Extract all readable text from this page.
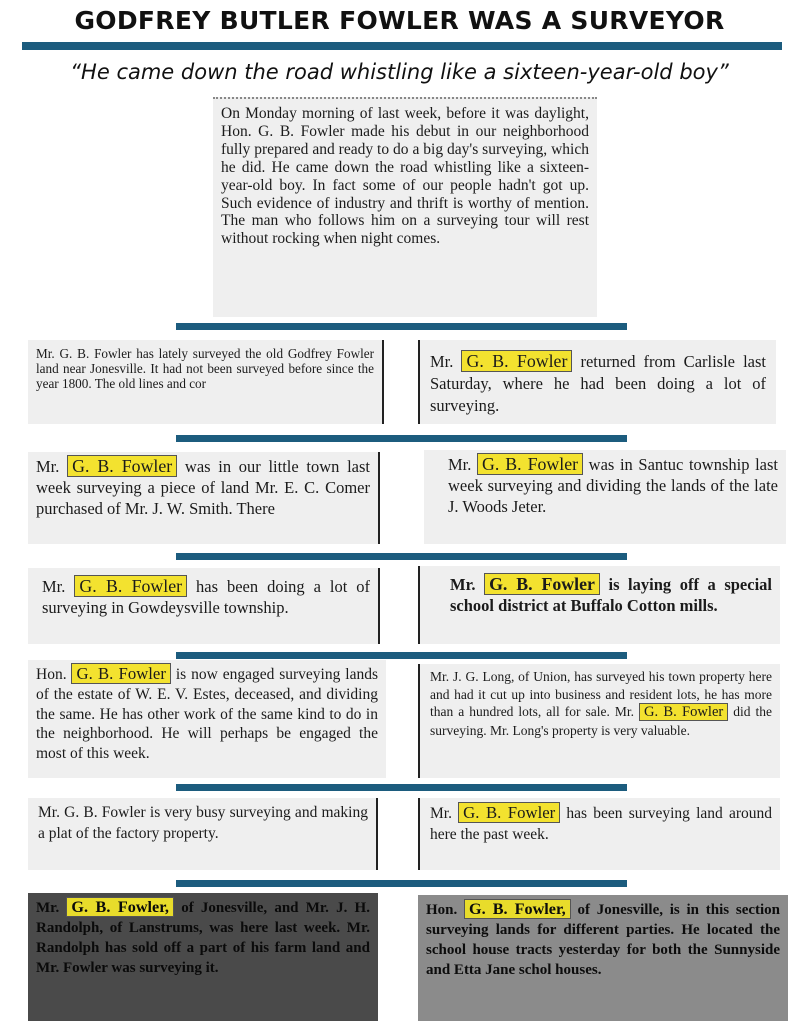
GODFREY BUTLER FOWLER WAS A SURVEYOR
“He came down the road whistling like a sixteen-year-old boy”

On Monday morning of last week, before it was daylight, Hon. G. B. Fowler made his debut in our neighborhood fully prepared and ready to do a big day's surveying, which he did. He came down the road whistling like a sixteen-year-old boy. In fact some of our people hadn't got up. Such evidence of industry and thrift is worthy of mention. The man who follows him on a surveying tour will rest without rocking when night comes.

Mr. G. B. Fowler has lately surveyed the old Godfrey Fowler land near Jonesville. It had not been surveyed before since the year 1800. The old lines and cor

Mr. G. B. Fowler returned from Carlisle last Saturday, where he had been doing a lot of surveying.

Mr. G. B. Fowler was in our little town last week surveying a piece of land Mr. E. C. Comer purchased of Mr. J. W. Smith. There

Mr. G. B. Fowler was in Santuc township last week surveying and dividing the lands of the late J. Woods Jeter.

Mr. G. B. Fowler has been doing a lot of surveying in Gowdeysville township.

Mr. G. B. Fowler is laying off a special school district at Buffalo Cotton mills.

Hon. G. B. Fowler is now engaged surveying lands of the estate of W. E. V. Estes, deceased, and dividing the same. He has other work of the same kind to do in the neighborhood. He will perhaps be engaged the most of this week.

Mr. J. G. Long, of Union, has surveyed his town property here and had it cut up into business and resident lots, he has more than a hundred lots, all for sale. Mr. G. B. Fowler did the surveying. Mr. Long's property is very valuable.

Mr. G. B. Fowler is very busy surveying and making a plat of the factory property.

Mr. G. B. Fowler has been surveying land around here the past week.

Mr. G. B. Fowler, of Jonesville, and Mr. J. H. Randolph, of Lanstrums, was here last week. Mr. Randolph has sold off a part of his farm land and Mr. Fowler was surveying it.

Hon. G. B. Fowler, of Jonesville, is in this section surveying lands for different parties. He located the school house tracts yesterday for both the Sunnyside and Etta Jane schol houses.
